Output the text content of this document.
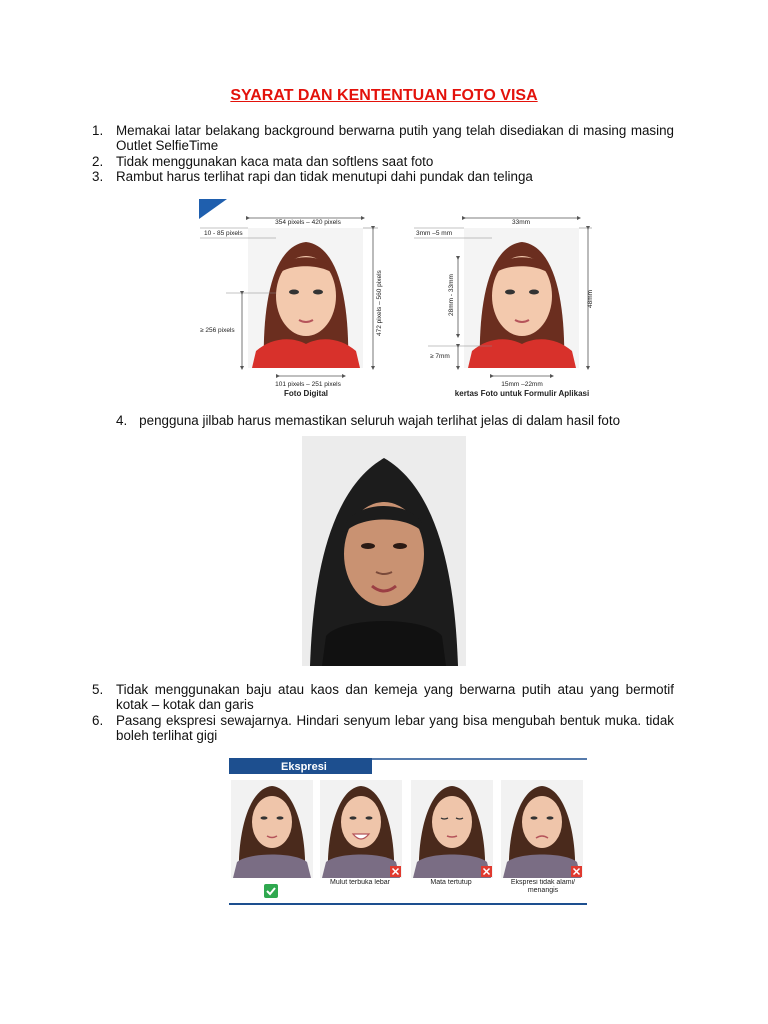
SYARAT DAN KENTENTUAN FOTO VISA
1. Memakai latar belakang background berwarna putih yang telah disediakan di masing masing Outlet SelfieTime
2. Tidak menggunakan kaca mata dan softlens saat foto
3. Rambut harus terlihat rapi dan tidak menutupi dahi pundak dan telinga
354 pixels – 420 pixels
10 - 85 pixels
≥ 256 pixels	472 pixels – 560 pixels
101 pixels – 251 pixels
Foto Digital
33mm
3mm –5 mm
28mm - 33mm
≥ 7mm
48mm
15mm –22mm
kertas Foto untuk Formulir Aplikasi
4. pengguna jilbab harus memastikan seluruh wajah terlihat jelas di dalam hasil foto
5. Tidak menggunakan baju atau kaos dan kemeja yang berwarna putih atau yang bermotif kotak – kotak dan garis
6. Pasang ekspresi sewajarnya. Hindari senyum lebar yang bisa mengubah bentuk muka. tidak boleh terlihat gigi
Ekspresi
Mulut terbuka lebar	Mata tertutup	Ekspresi tidak alami/ menangis
